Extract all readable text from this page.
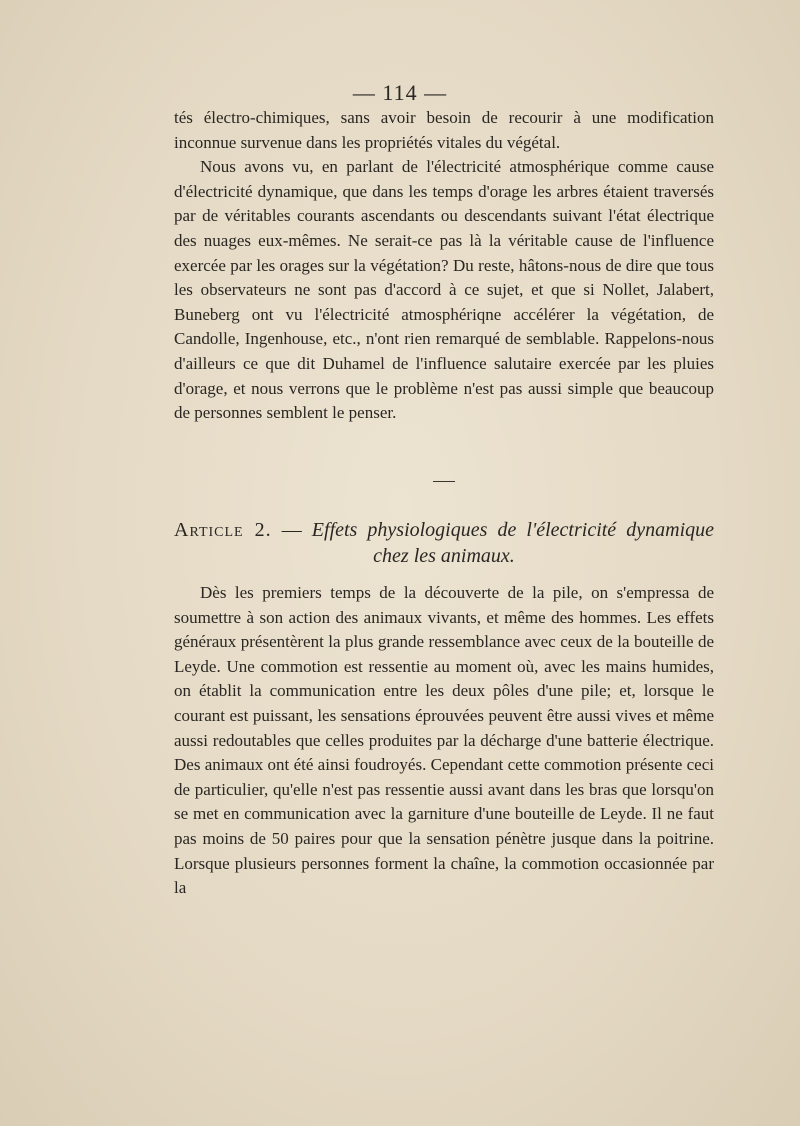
— 114 —

tés électro-chimiques, sans avoir besoin de recourir à une modification inconnue survenue dans les propriétés vitales du végétal.

Nous avons vu, en parlant de l'électricité atmosphérique comme cause d'électricité dynamique, que dans les temps d'orage les arbres étaient traversés par de véritables courants ascendants ou descendants suivant l'état électrique des nuages eux-mêmes. Ne serait-ce pas là la véritable cause de l'influence exercée par les orages sur la végétation? Du reste, hâtons-nous de dire que tous les observateurs ne sont pas d'accord à ce sujet, et que si Nollet, Jalabert, Buneberg ont vu l'électricité atmosphériqne accélérer la végétation, de Candolle, Ingenhouse, etc., n'ont rien remarqué de semblable. Rappelons-nous d'ailleurs ce que dit Duhamel de l'influence salutaire exercée par les pluies d'orage, et nous verrons que le problème n'est pas aussi simple que beaucoup de personnes semblent le penser.

Article 2. — Effets physiologiques de l'électricité dynamique
chez les animaux.

Dès les premiers temps de la découverte de la pile, on s'empressa de soumettre à son action des animaux vivants, et même des hommes. Les effets généraux présentèrent la plus grande ressemblance avec ceux de la bouteille de Leyde. Une commotion est ressentie au moment où, avec les mains humides, on établit la communication entre les deux pôles d'une pile; et, lorsque le courant est puissant, les sensations éprouvées peuvent être aussi vives et même aussi redoutables que celles produites par la décharge d'une batterie électrique. Des animaux ont été ainsi foudroyés. Cependant cette commotion présente ceci de particulier, qu'elle n'est pas ressentie aussi avant dans les bras que lorsqu'on se met en communication avec la garniture d'une bouteille de Leyde. Il ne faut pas moins de 50 paires pour que la sensation pénètre jusque dans la poitrine. Lorsque plusieurs personnes forment la chaîne, la commotion occasionnée par la
